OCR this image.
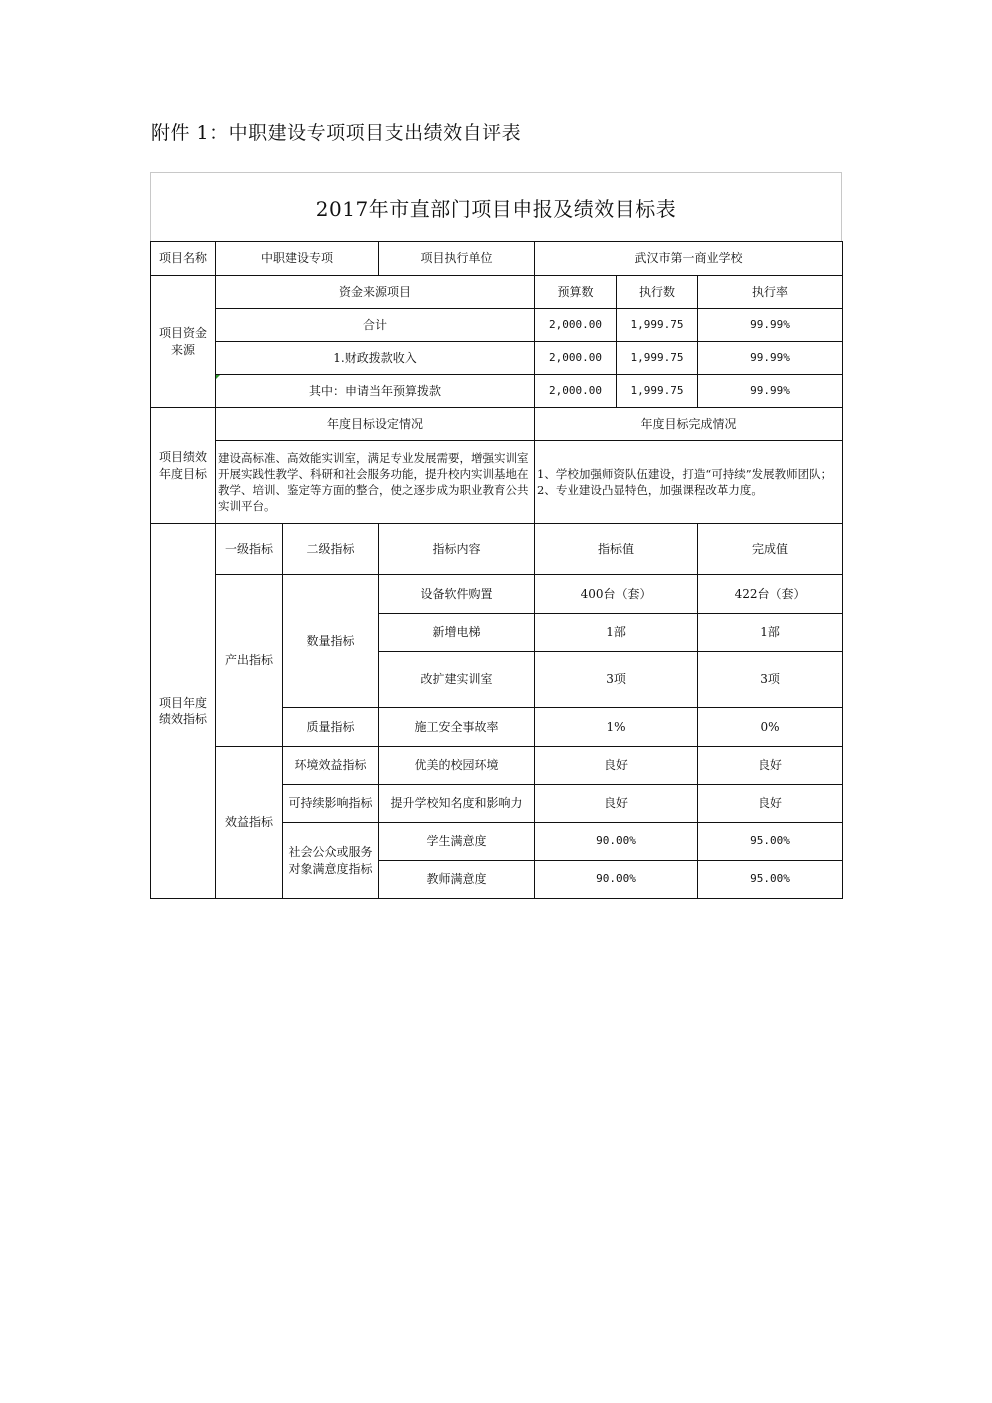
附件 1：中职建设专项项目支出绩效自评表
2017年市直部门项目申报及绩效目标表
项目名称	中职建设专项		项目执行单位	武汉市第一商业学校		
项目资金来源	资金来源项目			预算数	执行数	执行率
	合计			2,000.00	1,999.75	99.99%
	1.财政拨款收入			2,000.00	1,999.75	99.99%

其中：申请当年预算拨款			2,000.00	1,999.75	99.99%
项目绩效年度目标	年度目标设定情况			年度目标完成情况		
	建设高标准、高效能实训室，满足专业发展需要，增强实训室开展实践性教学、科研和社会服务功能，提升校内实训基地在教学、培训、鉴定等方面的整合，使之逐步成为职业教育公共实训平台。			1、学校加强师资队伍建设，打造“可持续”发展教师团队；
2、专业建设凸显特色，加强课程改革力度。		

项目年度绩效指标	一级指标	二级指标	指标内容	指标值		完成值
	产出指标	数量指标	设备软件购置	400台（套）		422台（套）
			新增电梯	1部		1部
			改扩建实训室	3项		3项
		质量指标	施工安全事故率	1%		0%
	效益指标	环境效益指标	优美的校园环境	良好		良好
		可持续影响指标	提升学校知名度和影响力	良好		良好
		社会公众或服务对象满意度指标	学生满意度	90.00%		95.00%
			教师满意度	90.00%		95.00%
